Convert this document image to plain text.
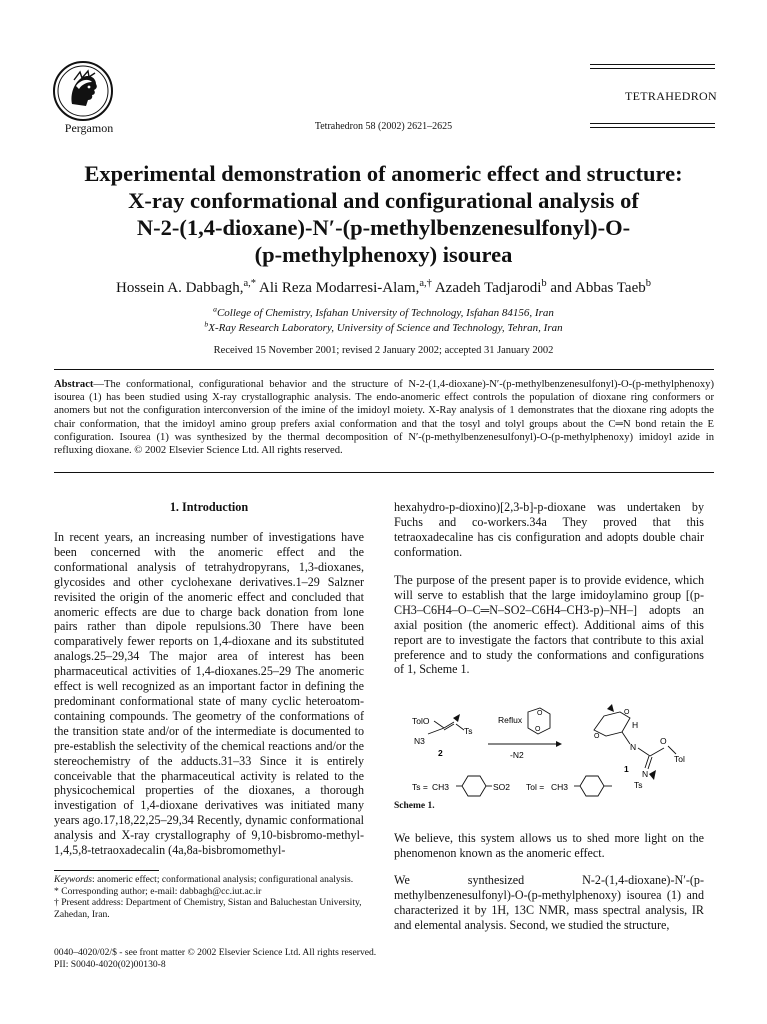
Pergamon	Tetrahedron 58 (2002) 2621–2625
TETRAHEDRON
Experimental demonstration of anomeric effect and structure:
X-ray conformational and configurational analysis of
N-2-(1,4-dioxane)-N′-(p-methylbenzenesulfonyl)-O-
(p-methylphenoxy) isourea
Hossein A. Dabbagh,$^{a,*}$ Ali Reza Modarresi-Alam,$^{a,\dagger}$ Azadeh Tadjarodi$^b$ and Abbas Taeb$^b$
$^a$College of Chemistry, Isfahan University of Technology, Isfahan 84156, Iran
$^b$X-Ray Research Laboratory, University of Science and Technology, Tehran, Iran
Received 15 November 2001; revised 2 January 2002; accepted 31 January 2002
Abstract—The conformational, configurational behavior and the structure of N-2-(1,4-dioxane)-N′-(p-methylbenzenesulfonyl)-O-(p-methylphenoxy) isourea (1) has been studied using X-ray crystallographic analysis. The endo-anomeric effect controls the population of dioxane ring conformers or anomers but not the configuration interconversion of the imine of the imidoyl moiety. X-Ray analysis of 1 demonstrates that the dioxane ring adopts the chair conformation, that the imidoyl amino group prefers axial conformation and that the tosyl and tolyl groups about the C═N bond retain the E configuration. Isourea (1) was synthesized by the thermal decomposition of N′-(p-methylbenzenesulfonyl)-O-(p-methylphenoxy) imidoyl azide in refluxing dioxane. © 2002 Elsevier Science Ltd. All rights reserved.
1. Introduction

In recent years, an increasing number of investigations have been concerned with the anomeric effect and the conformational analysis of tetrahydropyrans, 1,3-dioxanes, glycosides and other cyclohexane derivatives.1–29 Salzner revisited the origin of the anomeric effect and concluded that anomeric effects are due to charge back donation from lone pairs rather than dipole repulsions.30 There have been comparatively fewer reports on 1,4-dioxane and its substituted analogs.25–29,34 The major area of interest has been pharmaceutical activities of 1,4-dioxanes.25–29 The anomeric effect is well recognized as an important factor in defining the predominant conformational state of many cyclic heteroatom-containing compounds. The geometry of the conformations of the transition state and/or of the intermediate is documented to pre-establish the selectivity of the chemical reactions and/or the stereochemistry of the adducts.31–33 Since it is entirely conceivable that the pharmaceutical activity is related to the physicochemical properties of the dioxanes, a thorough investigation of 1,4-dioxane derivatives was initiated many years ago.17,18,22,25–29,34 Recently, dynamic conformational analysis and X-ray crystallography of 9,10-bisbromo-methyl-1,4,5,8-tetraoxadecalin (4a,8a-bisbromomethyl-

Keywords: anomeric effect; conformational analysis; configurational analysis.
* Corresponding author; e-mail: dabbagh@cc.iut.ac.ir
† Present address: Department of Chemistry, Sistan and Baluchestan University, Zahedan, Iran.
0040–4020/02/$ - see front matter © 2002 Elsevier Science Ltd. All rights reserved.
PII: S0040-4020(02)00130-8

hexahydro-p-dioxino)[2,3-b]-p-dioxane was undertaken by Fuchs and co-workers.34a They proved that this tetraoxadecaline has cis configuration and adopts double chair conformation.

The purpose of the present paper is to provide evidence, which will serve to establish that the large imidoylamino group [(p-CH3–C6H4–O–C═N–SO2–C6H4–CH3-p)–NH–] adopts an axial position (the anomeric effect). Additional aims of this report are to investigate the factors that contribute to this axial preference and to study the conformations and configurations of 1, Scheme 1.

TolO
Ts
N3
2
Reflux
-N2
O
O
O
O
H
N
O
Tol
N
Ts
1
Ts = CH3	SO2 Tol = CH3
Scheme 1.

We believe, this system allows us to shed more light on the phenomenon known as the anomeric effect.

We synthesized N-2-(1,4-dioxane)-N′-(p-methylbenzenesulfonyl)-O-(p-methylphenoxy) isourea (1) and characterized it by 1H, 13C NMR, mass spectral analysis, IR and elemental analysis. Second, we studied the structure,
